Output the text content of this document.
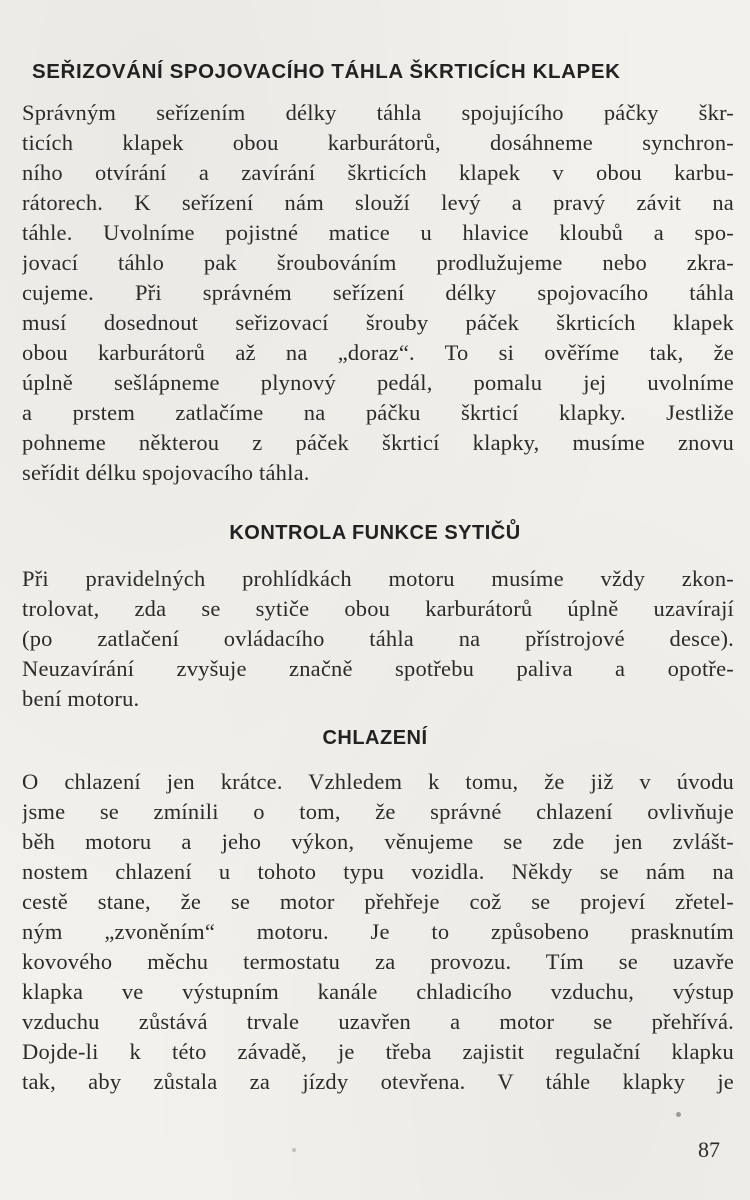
SEŘIZOVÁNÍ SPOJOVACÍHO TÁHLA ŠKRTICÍCH KLAPEK
Správným seřízením délky táhla spojujícího páčky škr-
ticích klapek obou karburátorů, dosáhneme synchron-
ního otvírání a zavírání škrticích klapek v obou karbu-
rátorech. K seřízení nám slouží levý a pravý závit na
táhle. Uvolníme pojistné matice u hlavice kloubů a spo-
jovací táhlo pak šroubováním prodlužujeme nebo zkra-
cujeme. Při správném seřízení délky spojovacího táhla
musí dosednout seřizovací šrouby páček škrticích klapek
obou karburátorů až na „doraz“. To si ověříme tak, že
úplně sešlápneme plynový pedál, pomalu jej uvolníme
a prstem zatlačíme na páčku škrticí klapky. Jestliže
pohneme některou z páček škrticí klapky, musíme znovu
seřídit délku spojovacího táhla.
KONTROLA FUNKCE SYTIČŮ
Při pravidelných prohlídkách motoru musíme vždy zkon-
trolovat, zda se sytiče obou karburátorů úplně uzavírají
(po zatlačení ovládacího táhla na přístrojové desce).
Neuzavírání zvyšuje značně spotřebu paliva a opotře-
bení motoru.
CHLAZENÍ
O chlazení jen krátce. Vzhledem k tomu, že již v úvodu
jsme se zmínili o tom, že správné chlazení ovlivňuje
běh motoru a jeho výkon, věnujeme se zde jen zvlášt-
nostem chlazení u tohoto typu vozidla. Někdy se nám na
cestě stane, že se motor přehřeje což se projeví zřetel-
ným „zvoněním“ motoru. Je to způsobeno prasknutím
kovového měchu termostatu za provozu. Tím se uzavře
klapka ve výstupním kanále chladicího vzduchu, výstup
vzduchu zůstává trvale uzavřen a motor se přehřívá.
Dojde-li k této závadě, je třeba zajistit regulační klapku
tak, aby zůstala za jízdy otevřena. V táhle klapky je
87
